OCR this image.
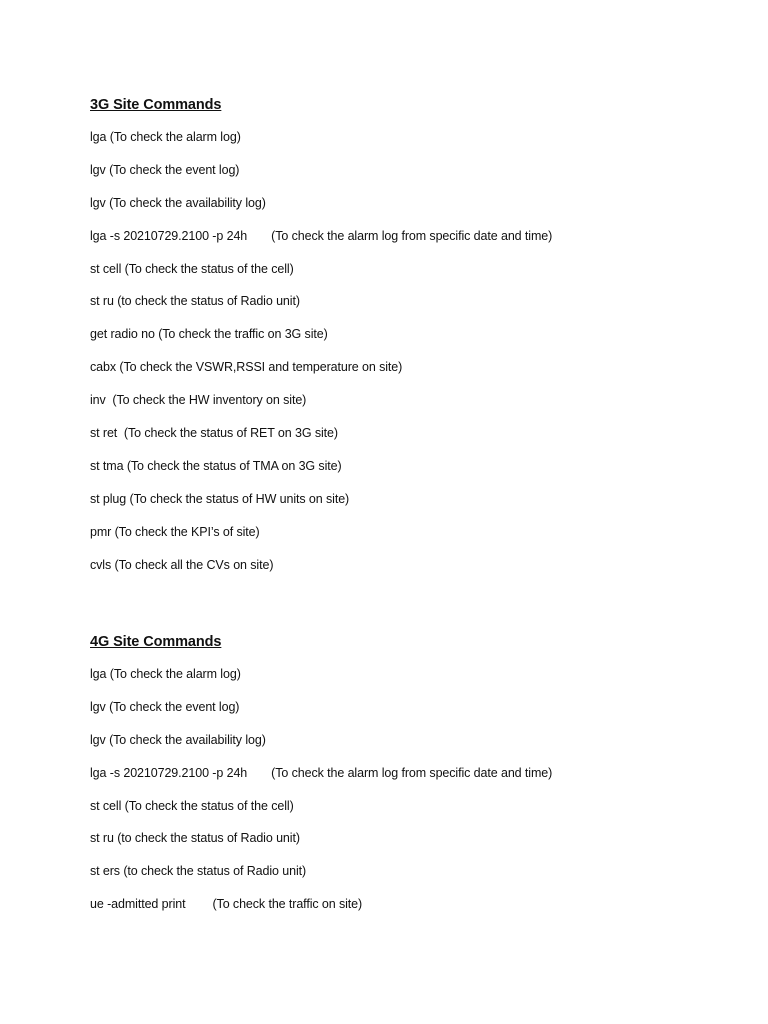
3G Site Commands
lga (To check the alarm log)
lgv (To check the event log)
lgv (To check the availability log)
lga -s 20210729.2100 -p 24h (To check the alarm log from specific date and time)
st cell (To check the status of the cell)
st ru (to check the status of Radio unit)
get radio no (To check the traffic on 3G site)
cabx (To check the VSWR,RSSI and temperature on site)
inv  (To check the HW inventory on site)
st ret  (To check the status of RET on 3G site)
st tma (To check the status of TMA on 3G site)
st plug (To check the status of HW units on site)
pmr (To check the KPI’s of site)
cvls (To check all the CVs on site)
4G Site Commands
lga (To check the alarm log)
lgv (To check the event log)
lgv (To check the availability log)
lga -s 20210729.2100 -p 24h (To check the alarm log from specific date and time)
st cell (To check the status of the cell)
st ru (to check the status of Radio unit)
st ers (to check the status of Radio unit)
ue -admitted print (To check the traffic on site)
